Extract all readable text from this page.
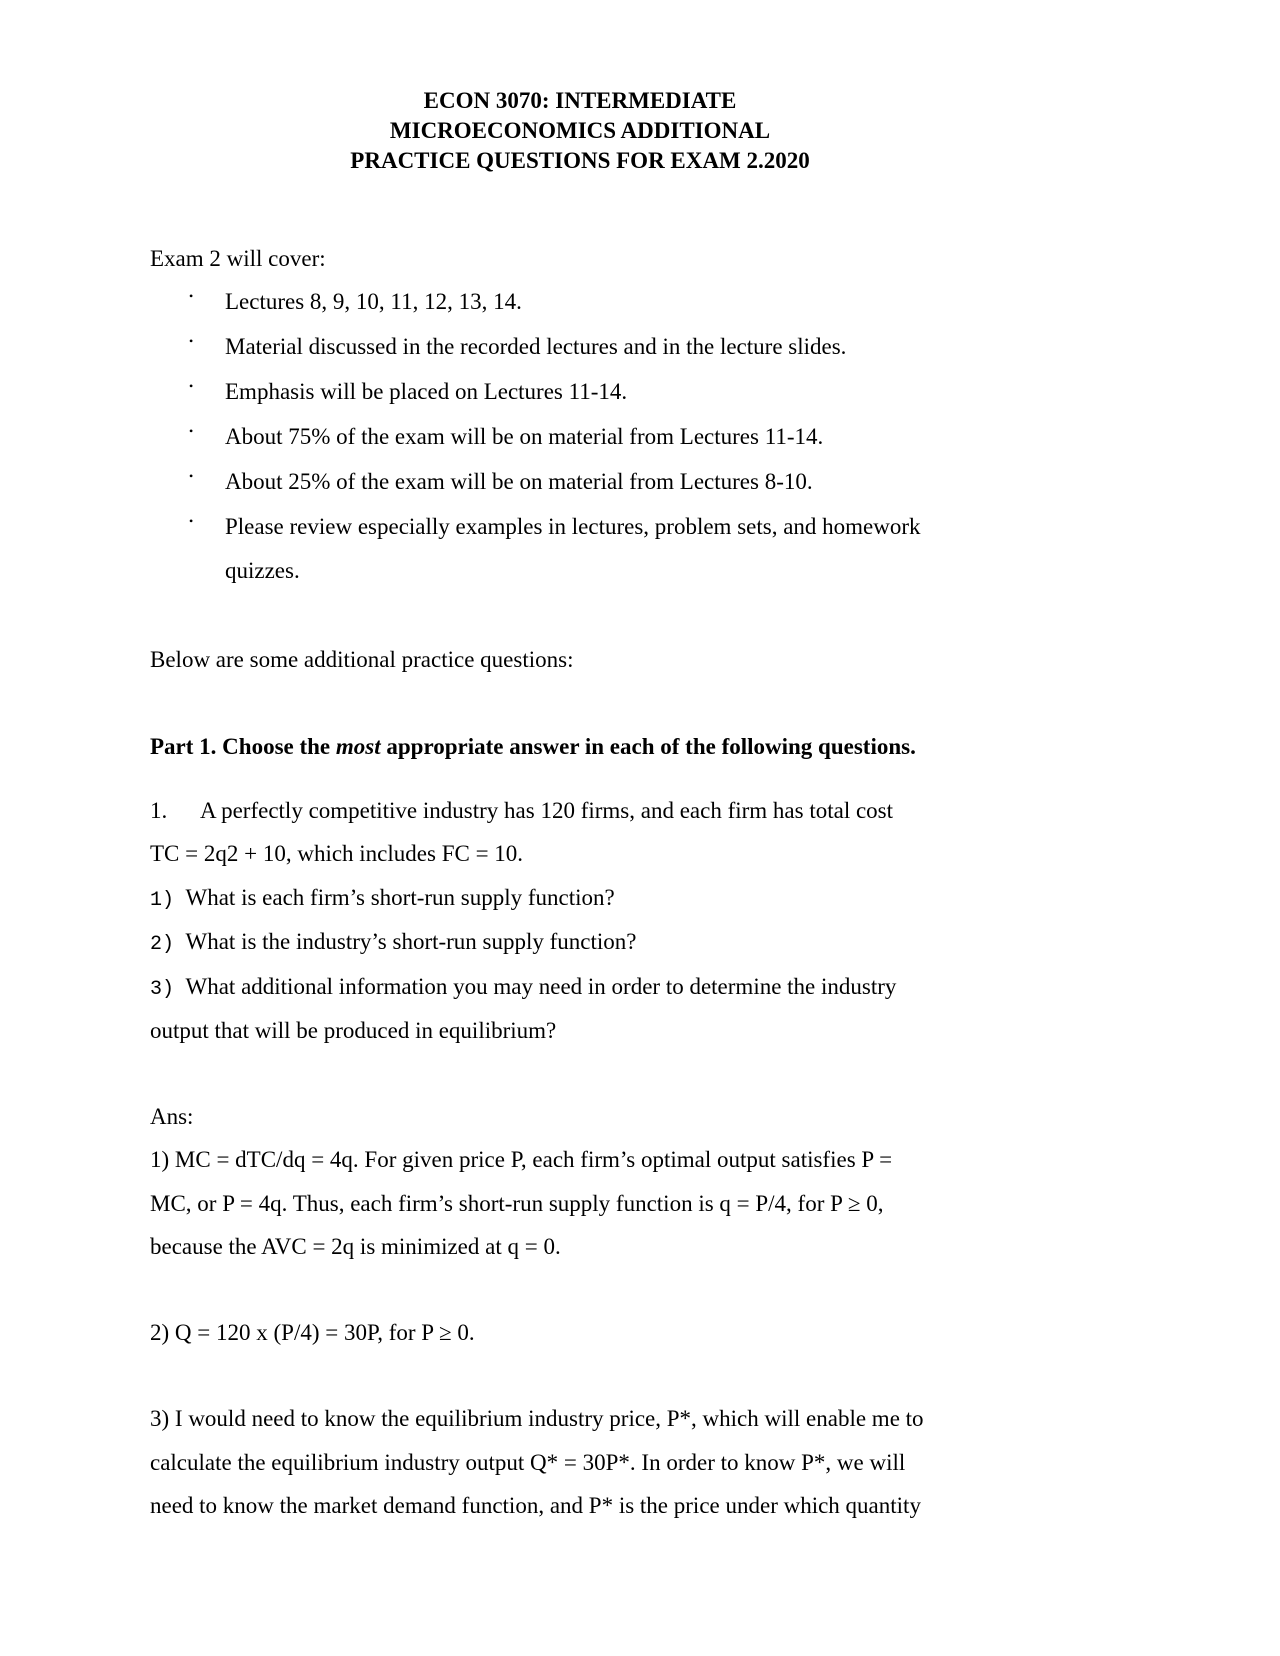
ECON 3070: INTERMEDIATE
MICROECONOMICS ADDITIONAL
PRACTICE QUESTIONS FOR EXAM 2.2020
Exam 2 will cover:
• Lectures 8, 9, 10, 11, 12, 13, 14.
• Material discussed in the recorded lectures and in the lecture slides.
• Emphasis will be placed on Lectures 11-14.
• About 75% of the exam will be on material from Lectures 11-14.
• About 25% of the exam will be on material from Lectures 8-10.
• Please review especially examples in lectures, problem sets, and homework
quizzes.
Below are some additional practice questions:
Part 1. Choose the most appropriate answer in each of the following questions.
1. A perfectly competitive industry has 120 firms, and each firm has total cost
TC = 2q2 + 10, which includes FC = 10.
1) What is each firm’s short-run supply function?
2) What is the industry’s short-run supply function?
3) What additional information you may need in order to determine the industry
output that will be produced in equilibrium?
Ans:
1) MC = dTC/dq = 4q. For given price P, each firm’s optimal output satisfies P =
MC, or P = 4q. Thus, each firm’s short-run supply function is q = P/4, for P ≥ 0,
because the AVC = 2q is minimized at q = 0.
2) Q = 120 x (P/4) = 30P, for P ≥ 0.
3) I would need to know the equilibrium industry price, P*, which will enable me to
calculate the equilibrium industry output Q* = 30P*. In order to know P*, we will
need to know the market demand function, and P* is the price under which quantity
